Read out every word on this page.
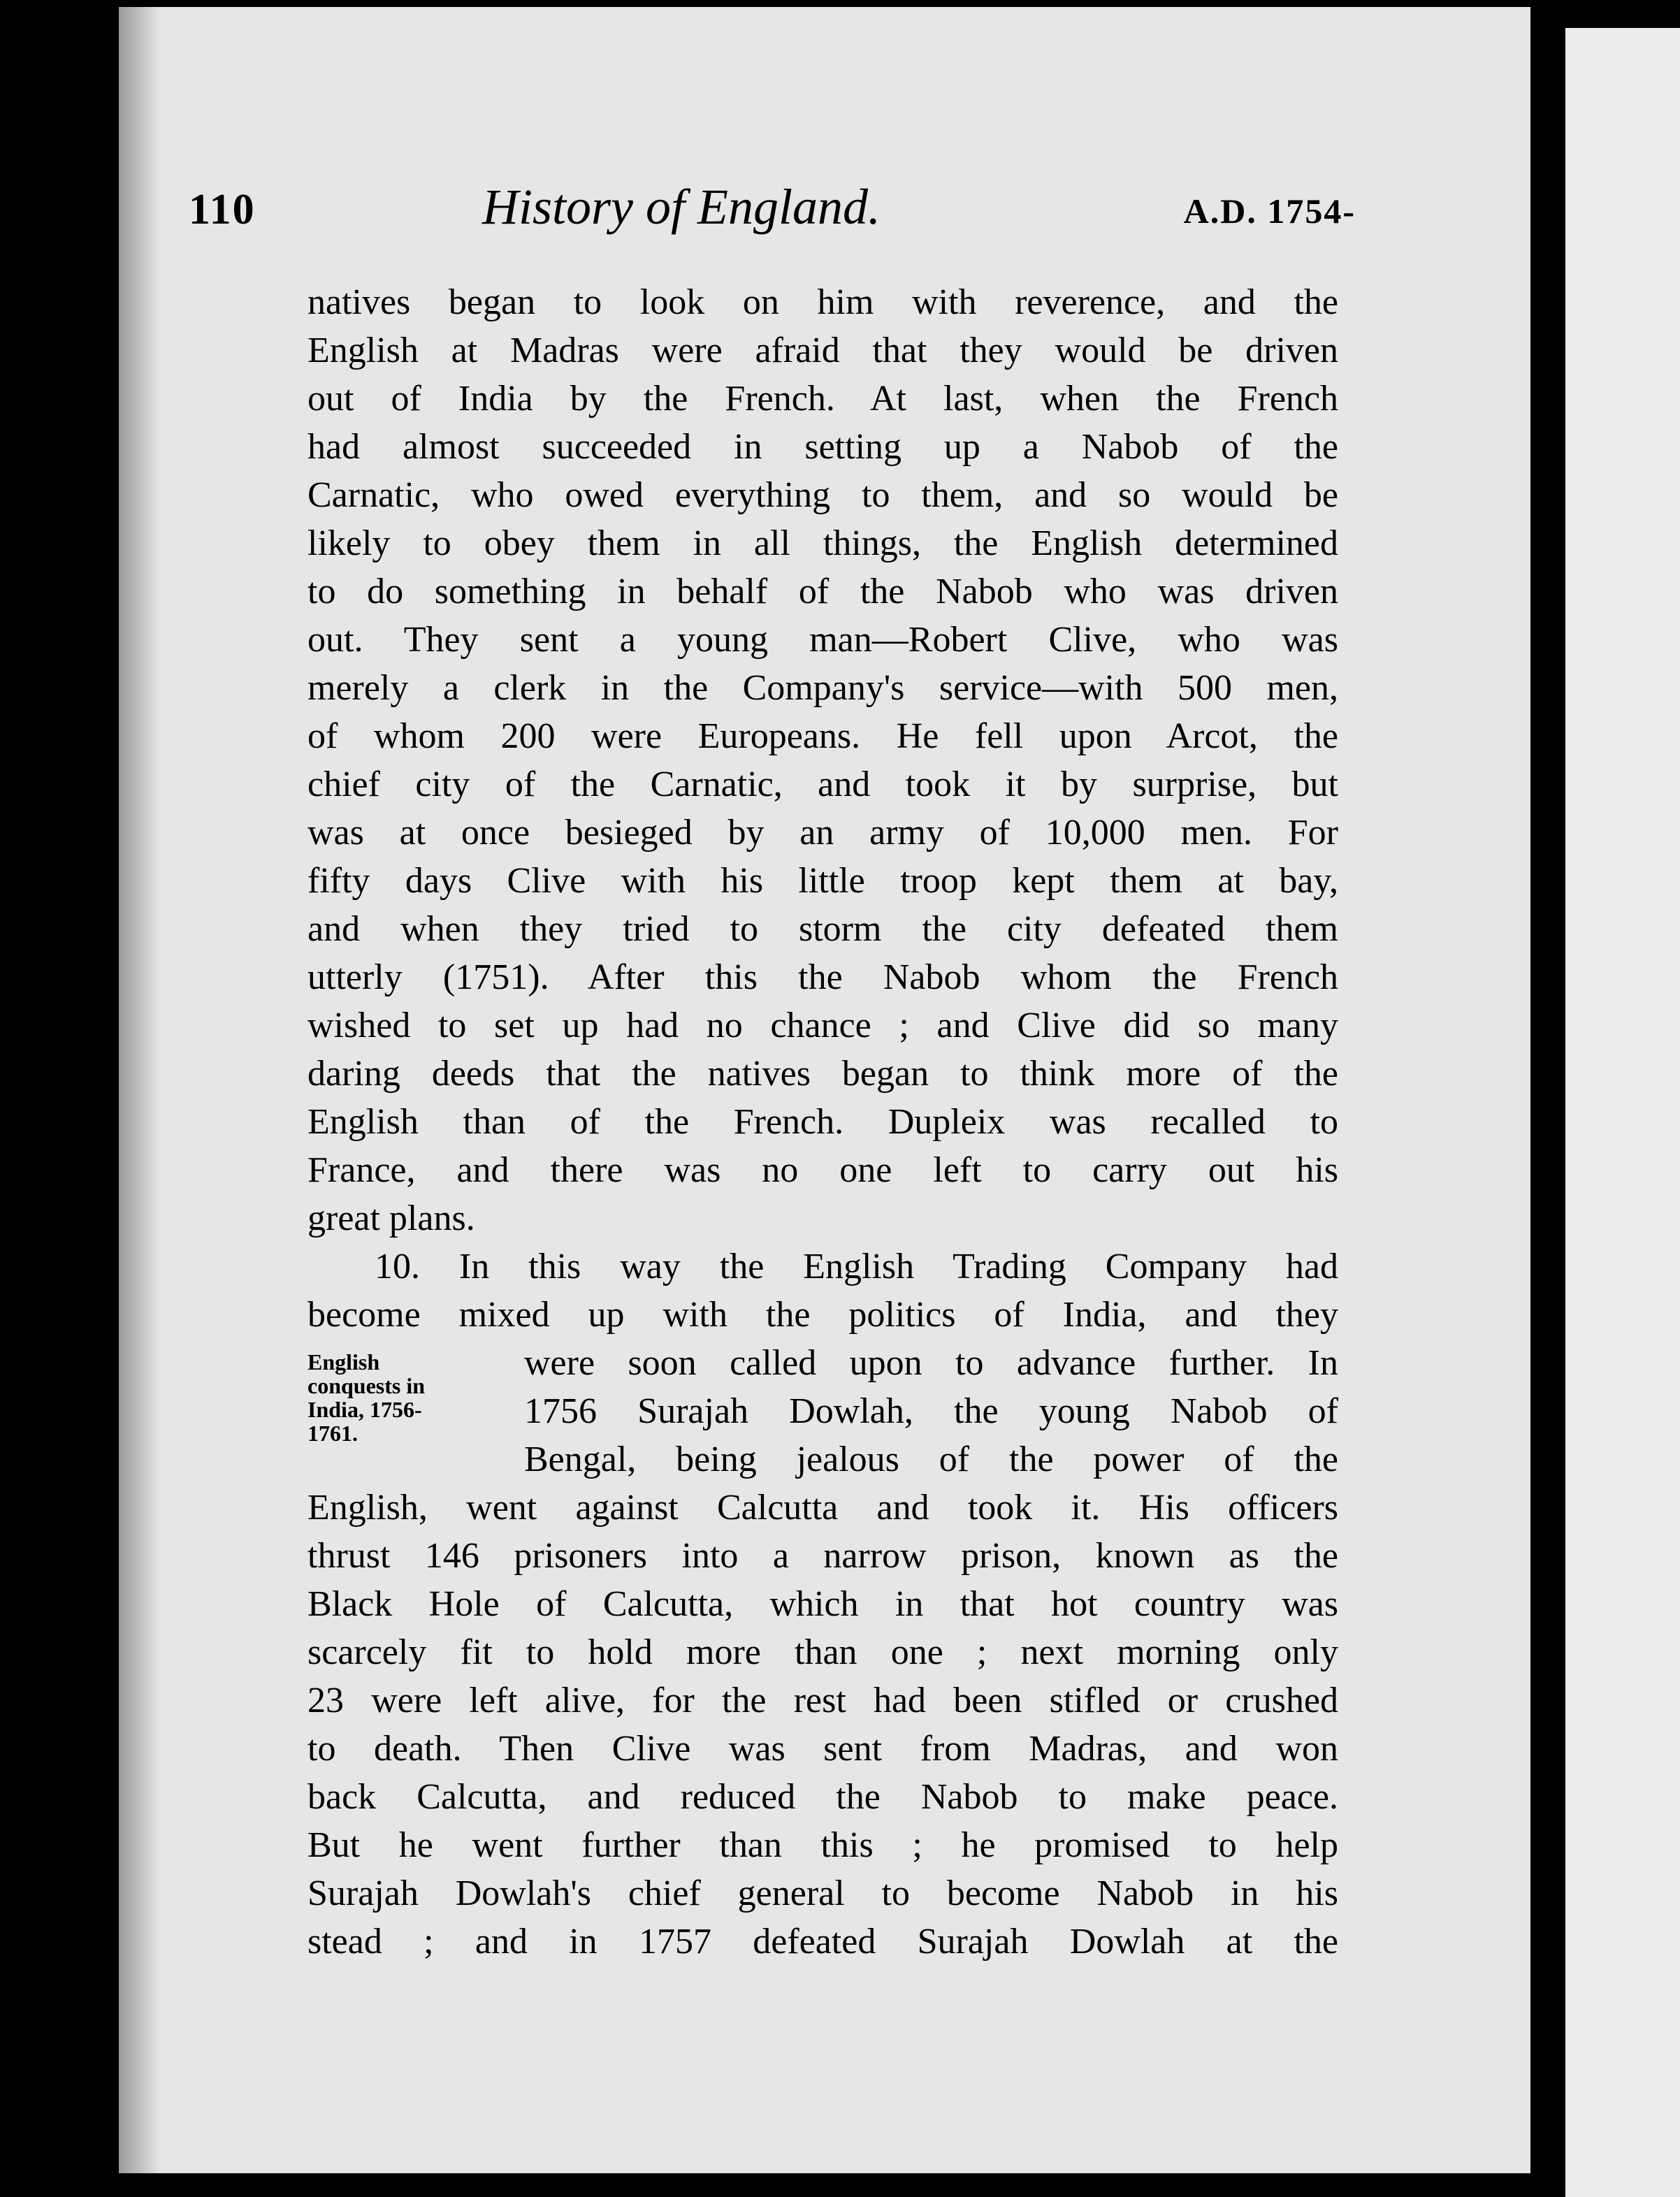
110	History of England.	A.D. 1754-
English
conquests in
India, 1756-
1761.
natives began to look on him with reverence, and the
English at Madras were afraid that they would be driven
out of India by the French. At last, when the French
had almost succeeded in setting up a Nabob of the
Carnatic, who owed everything to them, and so would be
likely to obey them in all things, the English determined
to do something in behalf of the Nabob who was driven
out. They sent a young man—Robert Clive, who was
merely a clerk in the Company's service—with 500 men,
of whom 200 were Europeans. He fell upon Arcot, the
chief city of the Carnatic, and took it by surprise, but
was at once besieged by an army of 10,000 men. For
fifty days Clive with his little troop kept them at bay,
and when they tried to storm the city defeated them
utterly (1751). After this the Nabob whom the French
wished to set up had no chance ; and Clive did so many
daring deeds that the natives began to think more of the
English than of the French. Dupleix was recalled to
France, and there was no one left to carry out his
great plans.
10. In this way the English Trading Company had
become mixed up with the politics of India, and they
were soon called upon to advance further. In
1756 Surajah Dowlah, the young Nabob of
Bengal, being jealous of the power of the
English, went against Calcutta and took it. His officers
thrust 146 prisoners into a narrow prison, known as the
Black Hole of Calcutta, which in that hot country was
scarcely fit to hold more than one ; next morning only
23 were left alive, for the rest had been stifled or crushed
to death. Then Clive was sent from Madras, and won
back Calcutta, and reduced the Nabob to make peace.
But he went further than this ; he promised to help
Surajah Dowlah's chief general to become Nabob in his
stead ; and in 1757 defeated Surajah Dowlah at the
